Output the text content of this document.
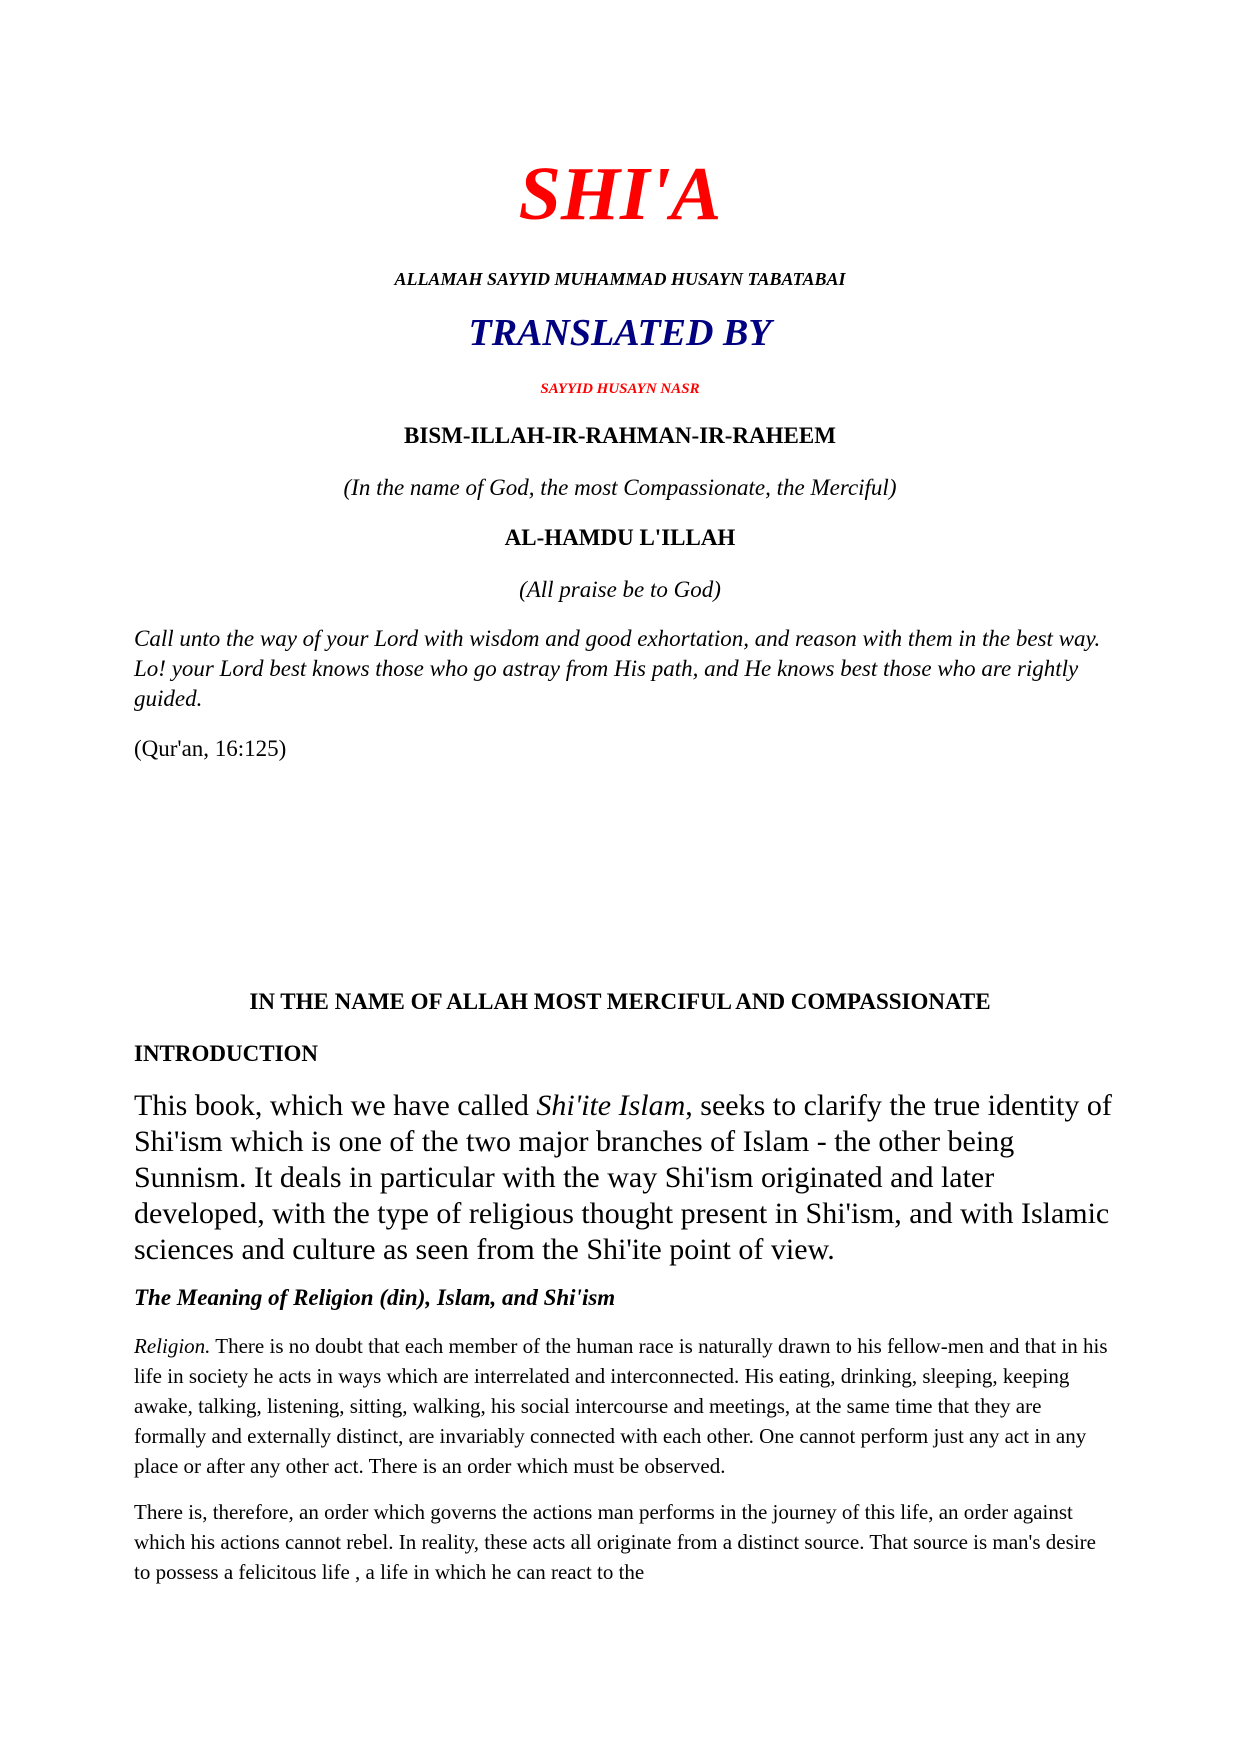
SHI'A

ALLAMAH SAYYID MUHAMMAD HUSAYN TABATABAI

TRANSLATED BY

SAYYID HUSAYN NASR

BISM-ILLAH-IR-RAHMAN-IR-RAHEEM

(In the name of God, the most Compassionate, the Merciful)

AL-HAMDU L'ILLAH

(All praise be to God)

Call unto the way of your Lord with wisdom and good exhortation, and reason with them in the best way. Lo! your Lord best knows those who go astray from His path, and He knows best those who are rightly guided.

(Qur'an, 16:125)

IN THE NAME OF ALLAH MOST MERCIFUL AND COMPASSIONATE

INTRODUCTION

This book, which we have called Shi'ite Islam, seeks to clarify the true identity of Shi'ism which is one of the two major branches of Islam - the other being Sunnism. It deals in particular with the way Shi'ism originated and later developed, with the type of religious thought present in Shi'ism, and with Islamic sciences and culture as seen from the Shi'ite point of view.

The Meaning of Religion (din), Islam, and Shi'ism

Religion. There is no doubt that each member of the human race is naturally drawn to his fellow-men and that in his life in society he acts in ways which are interrelated and interconnected. His eating, drinking, sleeping, keeping awake, talking, listening, sitting, walking, his social intercourse and meetings, at the same time that they are formally and externally distinct, are invariably connected with each other. One cannot perform just any act in any place or after any other act. There is an order which must be observed.

There is, therefore, an order which governs the actions man performs in the journey of this life, an order against which his actions cannot rebel. In reality, these acts all originate from a distinct source. That source is man's desire to possess a felicitous life , a life in which he can react to the
